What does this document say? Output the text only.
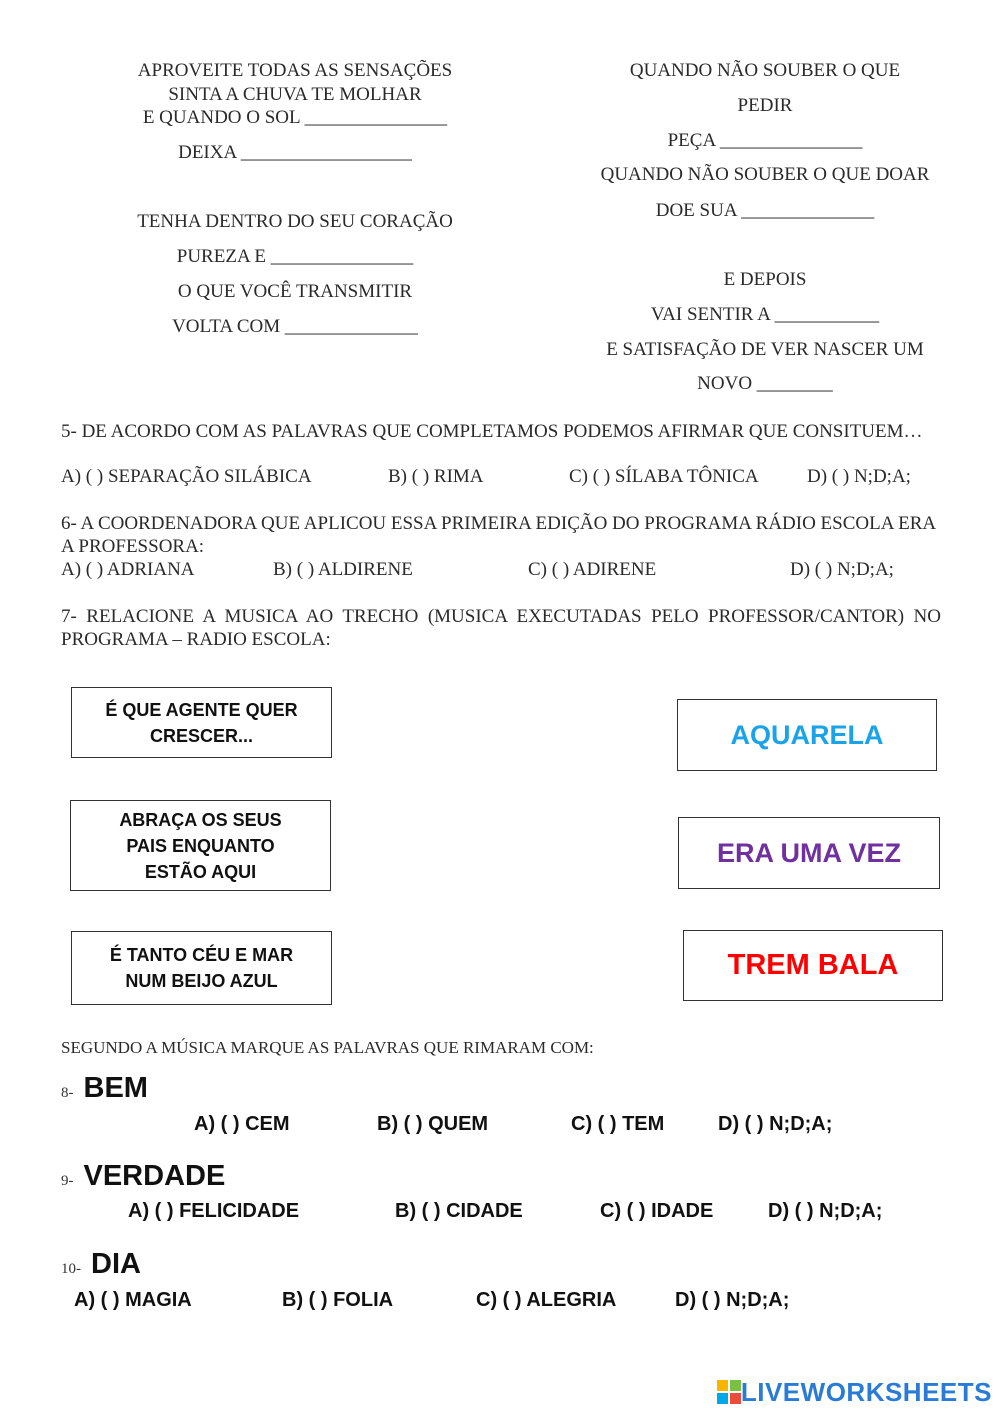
APROVEITE TODAS AS SENSAÇÕES
SINTA A CHUVA TE MOLHAR
E QUANDO O SOL _______________
DEIXA __________________
TENHA DENTRO DO SEU CORAÇÃO
PUREZA E _______________
O QUE VOCÊ TRANSMITIR
VOLTA COM ______________
QUANDO NÃO SOUBER O QUE
PEDIR
PEÇA _______________
QUANDO NÃO SOUBER O QUE DOAR
DOE SUA ______________
E DEPOIS
VAI SENTIR A ___________
E SATISFAÇÃO DE VER NASCER UM
NOVO ________
5- DE ACORDO COM AS PALAVRAS QUE COMPLETAMOS PODEMOS AFIRMAR QUE CONSITUEM…
A) ( ) SEPARAÇÃO SILÁBICA	B) ( ) RIMA	C) ( ) SÍLABA TÔNICA	D) ( ) N;D;A;
6- A COORDENADORA QUE APLICOU ESSA PRIMEIRA EDIÇÃO DO PROGRAMA RÁDIO ESCOLA ERA A PROFESSORA:
A) ( ) ADRIANA	B) ( ) ALDIRENE	C) ( ) ADIRENE	D) ( ) N;D;A;
7- RELACIONE A MUSICA AO TRECHO (MUSICA EXECUTADAS PELO PROFESSOR/CANTOR) NO PROGRAMA – RADIO ESCOLA:
É QUE AGENTE QUER
CRESCER...
ABRAÇA OS SEUS
PAIS ENQUANTO
ESTÃO AQUI
É TANTO CÉU E MAR
NUM BEIJO AZUL
AQUARELA
ERA UMA VEZ
TREM BALA
SEGUNDO A MÚSICA MARQUE AS PALAVRAS QUE RIMARAM COM:
8- BEM
A) ( ) CEM	B) ( ) QUEM	C) ( ) TEM	D) ( ) N;D;A;
9- VERDADE
A) ( ) FELICIDADE	B) ( ) CIDADE	C) ( ) IDADE	D) ( ) N;D;A;
10- DIA
A) ( ) MAGIA	B) ( ) FOLIA	C) ( ) ALEGRIA	D) ( ) N;D;A;
LIVEWORKSHEETS
